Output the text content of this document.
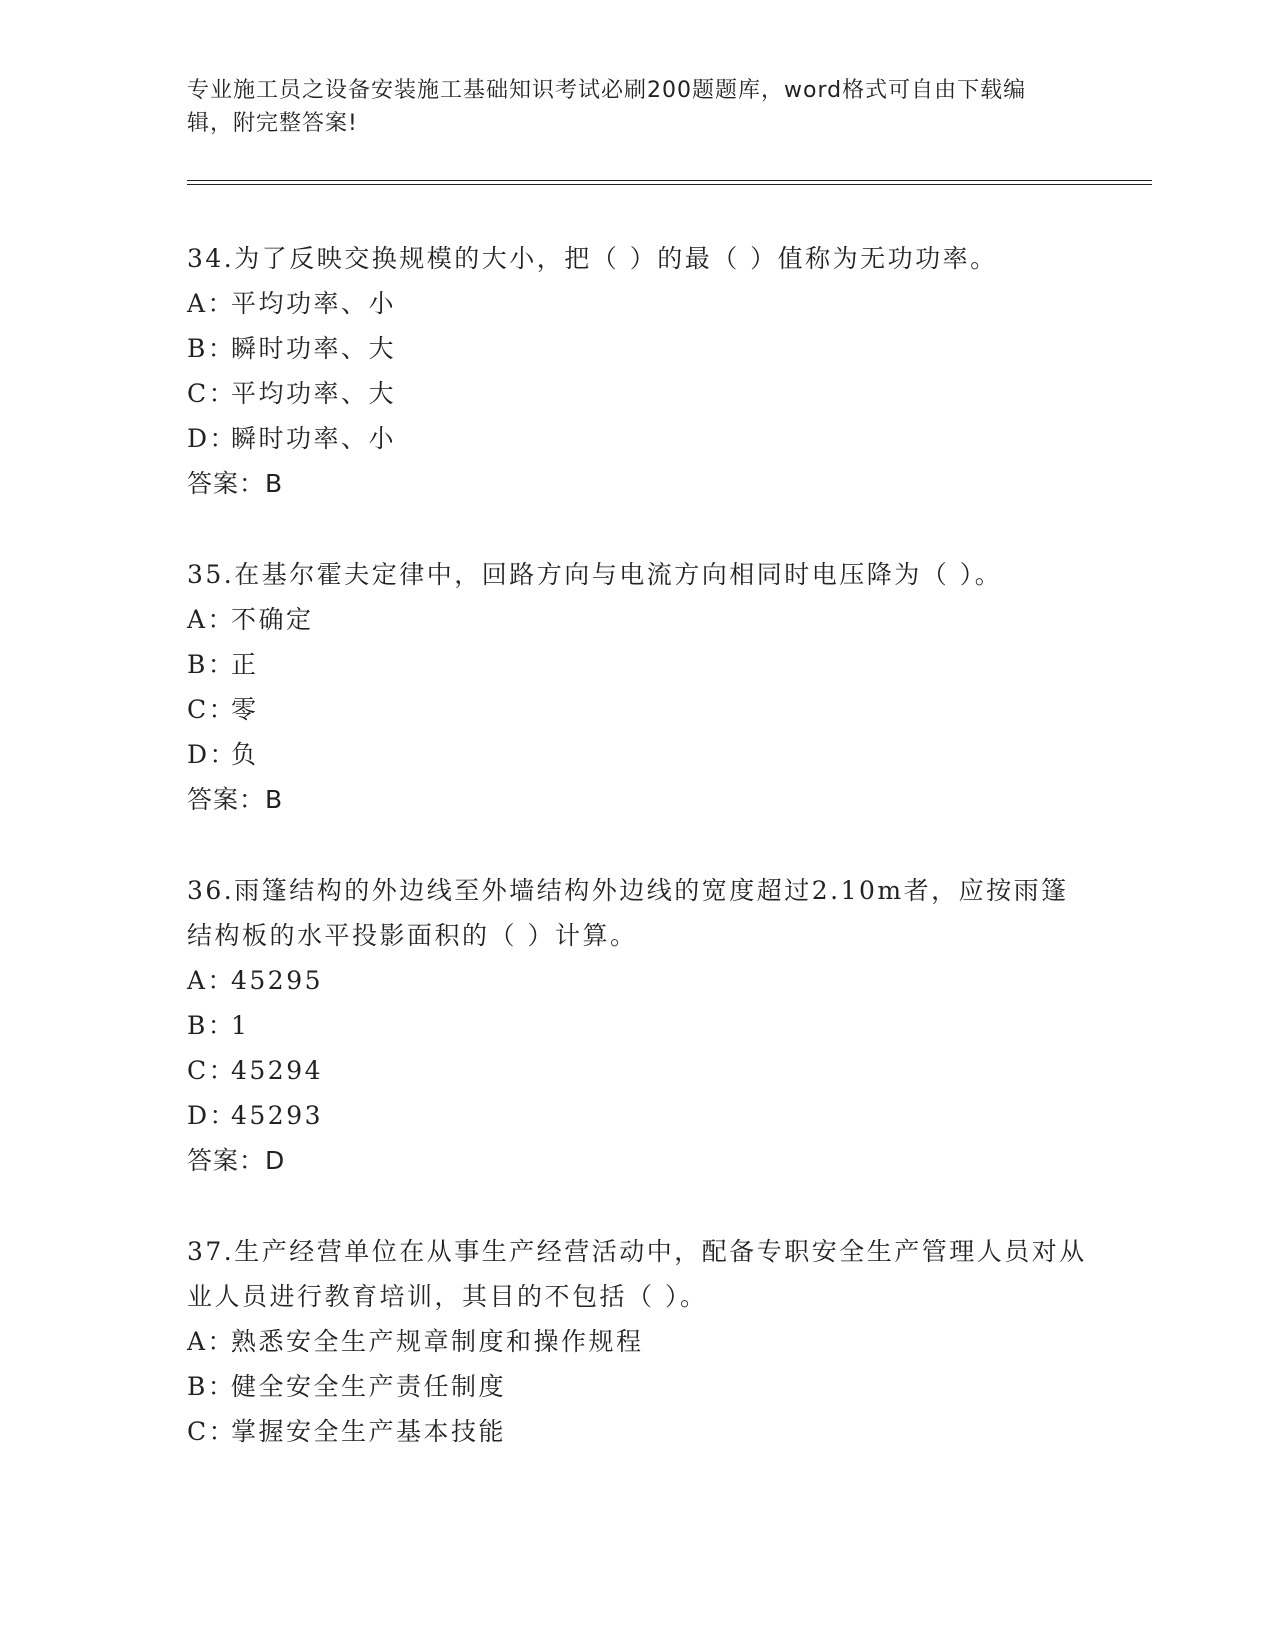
专业施工员之设备安装施工基础知识考试必刷200题题库，word格式可自由下载编辑，附完整答案!
34.为了反映交换规模的大小，把（ ）的最（ ）值称为无功功率。
A：
平均功率、小
B：
瞬时功率、大
C：
平均功率、大
D：
瞬时功率、小
答案：B
35.在基尔霍夫定律中，回路方向与电流方向相同时电压降为（ ）。
A：
不确定
B：
正
C：
零
D：
负
答案：B
36.雨篷结构的外边线至外墙结构外边线的宽度超过2.10m者，应按雨篷结构板的水平投影面积的（ ）计算。
A：
45295
B：
1
C：
45294
D：
45293
答案：D
37.生产经营单位在从事生产经营活动中，配备专职安全生产管理人员对从业人员进行教育培训，其目的不包括（ ）。
A：
熟悉安全生产规章制度和操作规程
B：
健全安全生产责任制度
C：
掌握安全生产基本技能
